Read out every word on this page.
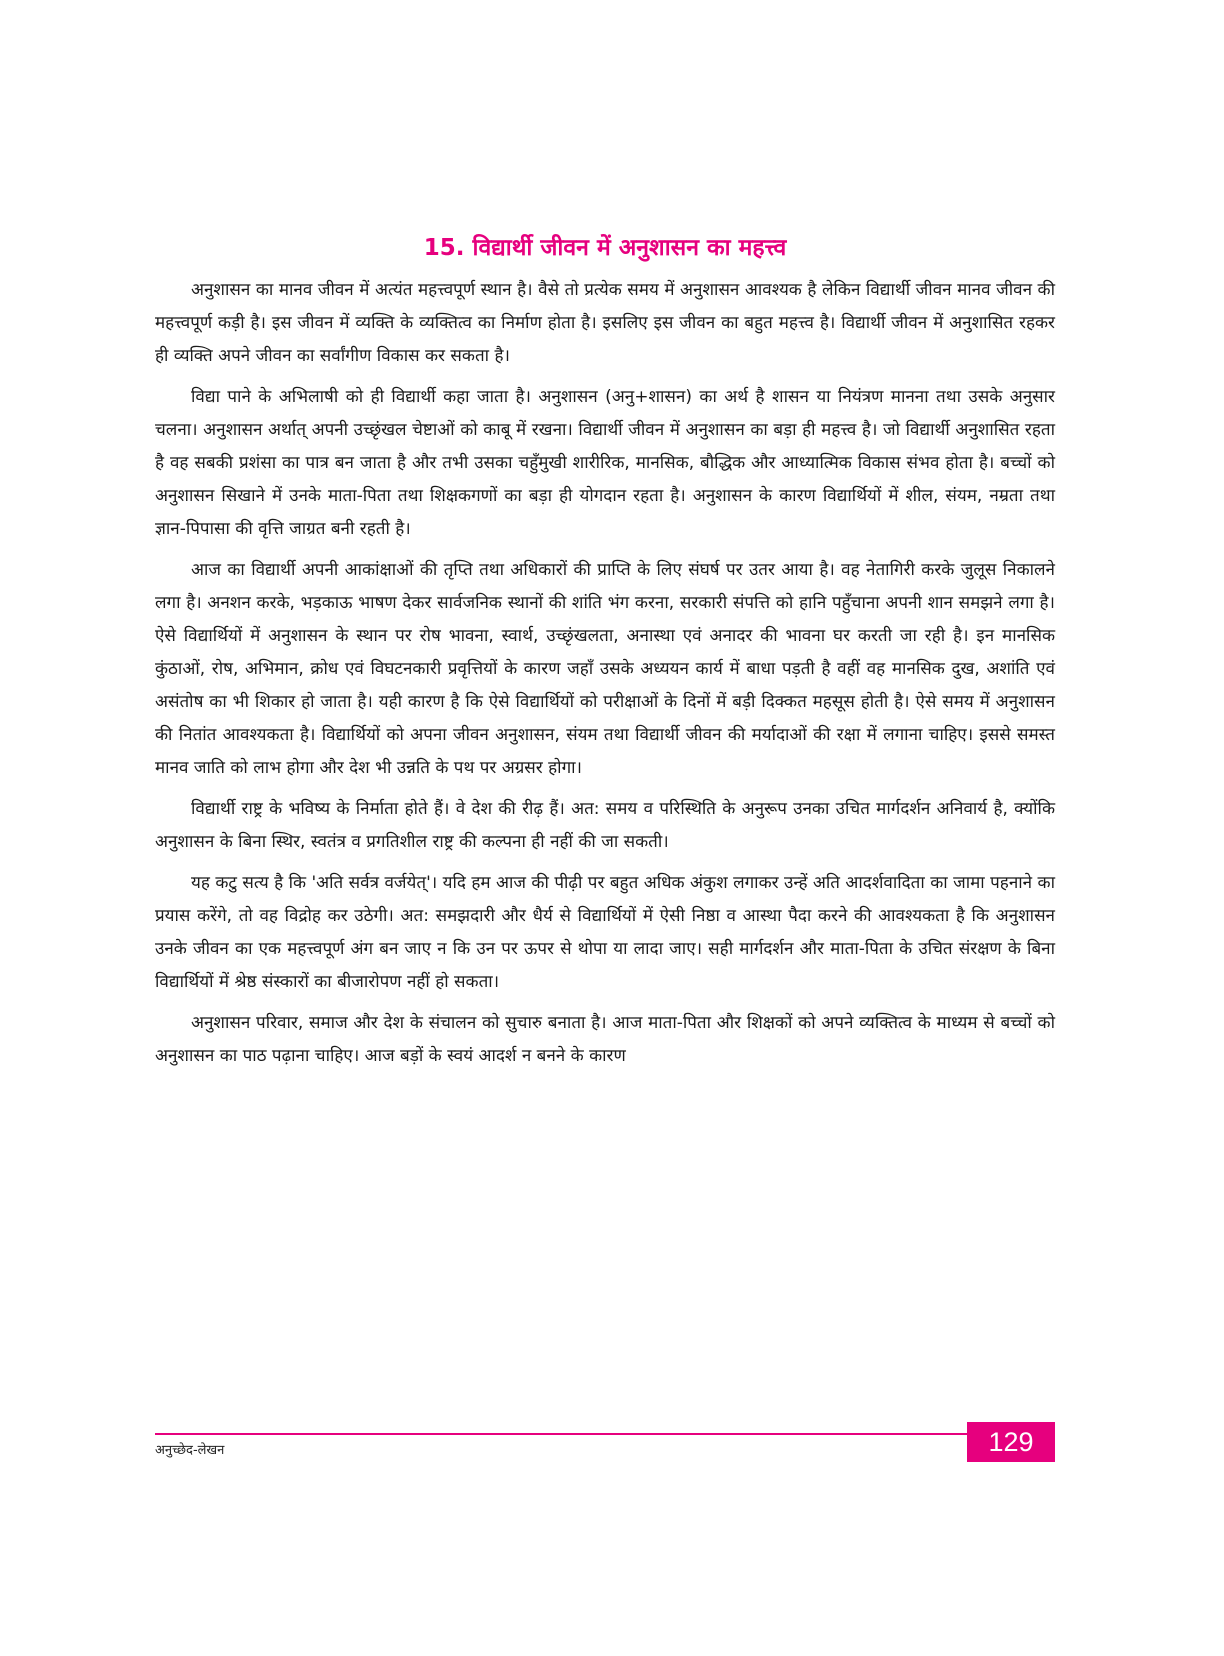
15. विद्यार्थी जीवन में अनुशासन का महत्त्व

अनुशासन का मानव जीवन में अत्यंत महत्त्वपूर्ण स्थान है। वैसे तो प्रत्येक समय में अनुशासन आवश्यक है लेकिन विद्यार्थी जीवन मानव जीवन की महत्त्वपूर्ण कड़ी है। इस जीवन में व्यक्ति के व्यक्तित्व का निर्माण होता है। इसलिए इस जीवन का बहुत महत्त्व है। विद्यार्थी जीवन में अनुशासित रहकर ही व्यक्ति अपने जीवन का सर्वांगीण विकास कर सकता है।

विद्या पाने के अभिलाषी को ही विद्यार्थी कहा जाता है। अनुशासन (अनु+शासन) का अर्थ है शासन या नियंत्रण मानना तथा उसके अनुसार चलना। अनुशासन अर्थात् अपनी उच्छृंखल चेष्टाओं को काबू में रखना। विद्यार्थी जीवन में अनुशासन का बड़ा ही महत्त्व है। जो विद्यार्थी अनुशासित रहता है वह सबकी प्रशंसा का पात्र बन जाता है और तभी उसका चहुँमुखी शारीरिक, मानसिक, बौद्धिक और आध्यात्मिक विकास संभव होता है। बच्चों को अनुशासन सिखाने में उनके माता-पिता तथा शिक्षकगणों का बड़ा ही योगदान रहता है। अनुशासन के कारण विद्यार्थियों में शील, संयम, नम्रता तथा ज्ञान-पिपासा की वृत्ति जाग्रत बनी रहती है।

आज का विद्यार्थी अपनी आकांक्षाओं की तृप्ति तथा अधिकारों की प्राप्ति के लिए संघर्ष पर उतर आया है। वह नेतागिरी करके जुलूस निकालने लगा है। अनशन करके, भड़काऊ भाषण देकर सार्वजनिक स्थानों की शांति भंग करना, सरकारी संपत्ति को हानि पहुँचाना अपनी शान समझने लगा है। ऐसे विद्यार्थियों में अनुशासन के स्थान पर रोष भावना, स्वार्थ, उच्छृंखलता, अनास्था एवं अनादर की भावना घर करती जा रही है। इन मानसिक कुंठाओं, रोष, अभिमान, क्रोध एवं विघटनकारी प्रवृत्तियों के कारण जहाँ उसके अध्ययन कार्य में बाधा पड़ती है वहीं वह मानसिक दुख, अशांति एवं असंतोष का भी शिकार हो जाता है। यही कारण है कि ऐसे विद्यार्थियों को परीक्षाओं के दिनों में बड़ी दिक्कत महसूस होती है। ऐसे समय में अनुशासन की नितांत आवश्यकता है। विद्यार्थियों को अपना जीवन अनुशासन, संयम तथा विद्यार्थी जीवन की मर्यादाओं की रक्षा में लगाना चाहिए। इससे समस्त मानव जाति को लाभ होगा और देश भी उन्नति के पथ पर अग्रसर होगा।

विद्यार्थी राष्ट्र के भविष्य के निर्माता होते हैं। वे देश की रीढ़ हैं। अत: समय व परिस्थिति के अनुरूप उनका उचित मार्गदर्शन अनिवार्य है, क्योंकि अनुशासन के बिना स्थिर, स्वतंत्र व प्रगतिशील राष्ट्र की कल्पना ही नहीं की जा सकती।

यह कटु सत्य है कि 'अति सर्वत्र वर्जयेत्'। यदि हम आज की पीढ़ी पर बहुत अधिक अंकुश लगाकर उन्हें अति आदर्शवादिता का जामा पहनाने का प्रयास करेंगे, तो वह विद्रोह कर उठेगी। अत: समझदारी और धैर्य से विद्यार्थियों में ऐसी निष्ठा व आस्था पैदा करने की आवश्यकता है कि अनुशासन उनके जीवन का एक महत्त्वपूर्ण अंग बन जाए न कि उन पर ऊपर से थोपा या लादा जाए। सही मार्गदर्शन और माता-पिता के उचित संरक्षण के बिना विद्यार्थियों में श्रेष्ठ संस्कारों का बीजारोपण नहीं हो सकता।

अनुशासन परिवार, समाज और देश के संचालन को सुचारु बनाता है। आज माता-पिता और शिक्षकों को अपने व्यक्तित्व के माध्यम से बच्चों को अनुशासन का पाठ पढ़ाना चाहिए। आज बड़ों के स्वयं आदर्श न बनने के कारण

अनुच्छेद-लेखन	129
